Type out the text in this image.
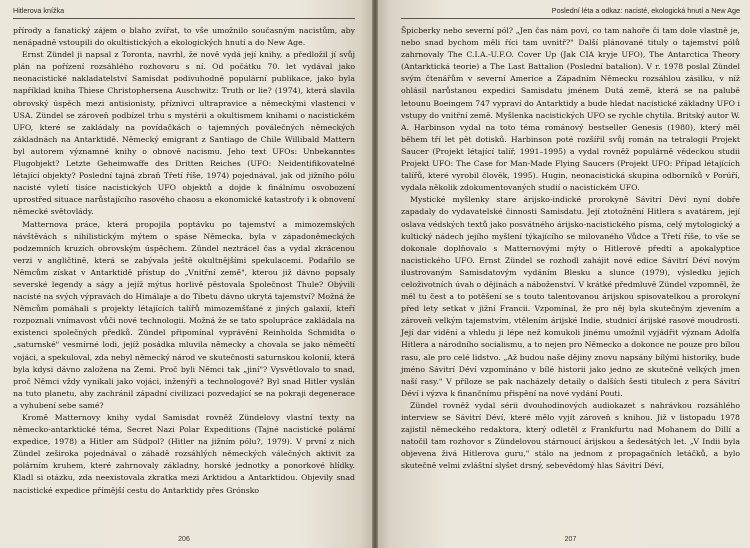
Hitlerova knížka

přírody a fanatický zájem o blaho zvířat, to vše umožnilo současným nacistům, aby nenápadně vstoupili do okultistických a ekologických hnutí a do New Age.

Ernst Zündel ji napsal z Toronta, navrhl, že nově vydá její knihy, a předložil jí svůj plán na pořízení rozsáhlého rozhovoru s ní. Od počátku 70. let vydával jako neonacistické nakladatelství Samisdat podivuhodně populární publikace, jako byla například kniha Thiese Christophersena Auschwitz: Truth or lie? (1974), která slavila obrovský úspěch mezi antisionisty, příznivci ultrapravice a německými vlastenci v USA. Zündel se zároveň podbízel trhu s mystérii a okultismem knihami o nacistickém UFO, které se zakládaly na povídačkách o tajemných poválečných německých základnách na Antarktidě. Německý emigrant z Santiago de Chile Willibald Mattern byl autorem významné knihy o obnově nacismu. Jeho text UFOs: Unbekanntes Flugobjekt? Letzte Geheimwaffe des Dritten Reiches (UFO: Neidentifikovatelné létající objekty? Poslední tajná zbraň Třetí říše, 1974) pojednával, jak od jižního pólu nacisté vyletí tisíce nacistických UFO objektů a dojde k finálnímu osvobození uprostřed situace narůstajícího rasového chaosu a ekonomické katastrofy i k obnovení německé světovlády.

Matternova práce, která propojila poptávku po tajemství a mimozemských návštěvách s nihilistickým mýtem o spáse Německa, byla v západoněmeckých podzemních kruzích obrovským úspěchem. Zündel neztrácel čas a vydal zkrácenou verzi v angličtině, která se zabývala ještě okultnějšími spekulacemi. Podařilo se Němcům získat v Antarktidě přístup do „Vnitřní země", kterou již dávno popsaly severské legendy a ságy a jejíž mýtus horlivě pěstovala Společnost Thule? Obývili nacisté na svých výpravách do Himálaje a do Tibetu dávno ukrytá tajemství? Možná že Němcům pomáhali s projekty létajících talířů mimozemšťané z jiných galaxií, kteří rozpoznali vnímavost vůči nové technologii. Možná že se tato spolupráce zakládala na existenci společných předků. Zündel připomínal vyprávění Reinholda Schmidta o „saturnské" vesmírné lodi, jejíž posádka mluvila německy a chovala se jako němečtí vojáci, a spekuloval, zda nebyl německý národ ve skutečnosti saturnskou kolonií, která byla kdysi dávno založena na Zemi. Proč byli Němci tak „jiní"? Vysvětlovalo to snad, proč Němci vždy vynikali jako vojáci, inženýři a technologové? Byl snad Hitler vyslán na tuto planetu, aby zachránil západní civilizaci pozvedající se na pokraji degenerace a vyhubení sebe samé?

Kromě Matternovy knihy vydal Samisdat rovněž Zündelovy vlastní texty na německo-antarktické téma, Secret Nazi Polar Expeditions (Tajné nacistické polární expedice, 1978) a Hitler am Südpol? (Hitler na jižním pólu?, 1979). V první z nich Zündel zeširoka pojednával o záhadě rozsáhlých německých válečných aktivit za polárním kruhem, které zahrnovaly základny, horské jednotky a ponorkové hlídky. Kladl si otázku, zda neexistovala zkratka mezi Arktidou a Antarktidou. Objevily snad nacistické expedice přímější cestu do Antarktidy přes Grónsko

206
Poslední léta a odkaz: nacisté, ekologická hnutí a New Age

Špicberky nebo severní pól? „Jen čas nám poví, co tam nahoře či tam dole vlastně je, nebo snad bychom měli říci tam uvnitř?" Další plánované tituly o tajemství pólů zahrnovaly The C.I.A.-U.F.O. Cover Up (Jak CIA kryje UFO), The Antarctica Theory (Antarktická teorie) a The Last Battalion (Poslední batalion). V r. 1978 poslal Zündel svým čtenářům v severní Americe a Západním Německu rozsáhlou zásilku, v níž ohlásil narůstanou expedici Samisdatu jménem Dutá země, která se na palubě letounu Boeingem 747 vypraví do Antarktidy a bude hledat nacistické základny UFO i vstupy do vnitřní země. Myšlenka nacistických UFO se rychle chytila. Britský autor W. A. Harbinson vydal na toto téma románový bestseller Genesis (1980), který měl během tří let pět dotisků. Harbinson poté rozšířil svůj román na tetralogii Projekt Saucer (Projekt létající talíř, 1991–1995) a vydal rovněž populárně vědeckou studii Projekt UFO: The Case for Man-Made Flying Saucers (Projekt UFO: Případ létajících talířů, které vyrobil člověk, 1995). Hugin, neonacistická skupina odborníků v Porúří, vydala několik zdokumentovaných studií o nacistickém UFO.

Mystické myšlenky stare árijsko-indické prorokyně Sávitrí Déví nyní dobře zapadaly do vydavatelské činnosti Samisdatu. Její ztotožnění Hitlera s avatárem, její oslava védských textů jako posvátného árijsko-nacistického písma, celý mytologický a kultický nádech jejího myšlení týkajícího se milovaného Vůdce a Třetí říše, to vše se dokonale doplňovalo s Matternovými mýty o Hitlerově předtí a apokalyptice nacistického UFO. Ernst Zündel se rozhodl zahájit nové edice Sávitrí Déví novým ilustrovaným Samisdatovým vydáním Blesku a slunce (1979), výsledku jejích celoživotních úvah o dějinách a náboženství. V krátké předmluvě Zündel vzpomněl, že měl tu čest a to potěšení se s touto talentovanou árijskou spisovatelkou a prorokyní před lety setkat v jižní Francii. Vzpomínal, že pro něj byla skutečným zjevením a zároveň velkým tajemstvím, vtělením árijské Indie, studnicí árijské rasové moudrosti. Její dar vidění a vhledu ji lépe než komukoli jinému umožnil vyjádřit význam Adolfa Hitlera a národního socialismu, a to nejen pro Německo a dokonce ne pouze pro bílou rasu, ale pro celé lidstvo. „Až budou naše dějiny znovu napsány bílými historiky, bude jméno Sávitrí Déví vzpomínáno v bílé historii jako jedno ze skutečně velkých jmen naší rasy." V příloze se pak nacházely detaily o dalších šesti titulech z pera Sávitrí Déví i výzva k finančnímu přispění na nové vydání Pouti.

Zündel rovněž vydal sérii dvouhodinových audiokazet s nahrávkou rozsáhlého interview se Sávitrí Déví, které mělo vyjít zároveň s knihou. Již v listopadu 1978 zajistil německého redaktora, který odletěl z Frankfurtu nad Mohanem do Dillí a natočil tam rozhovor s Zündelovou stárnoucí árijskou a šedesátých let. „V Indii byla objevena živá Hitlerova guru," stálo na jednom z propagačních letáčků, a bylo skutečně velmi zvláštní slyšet drsný, sebevědomý hlas Sávitrí Déví,

207
